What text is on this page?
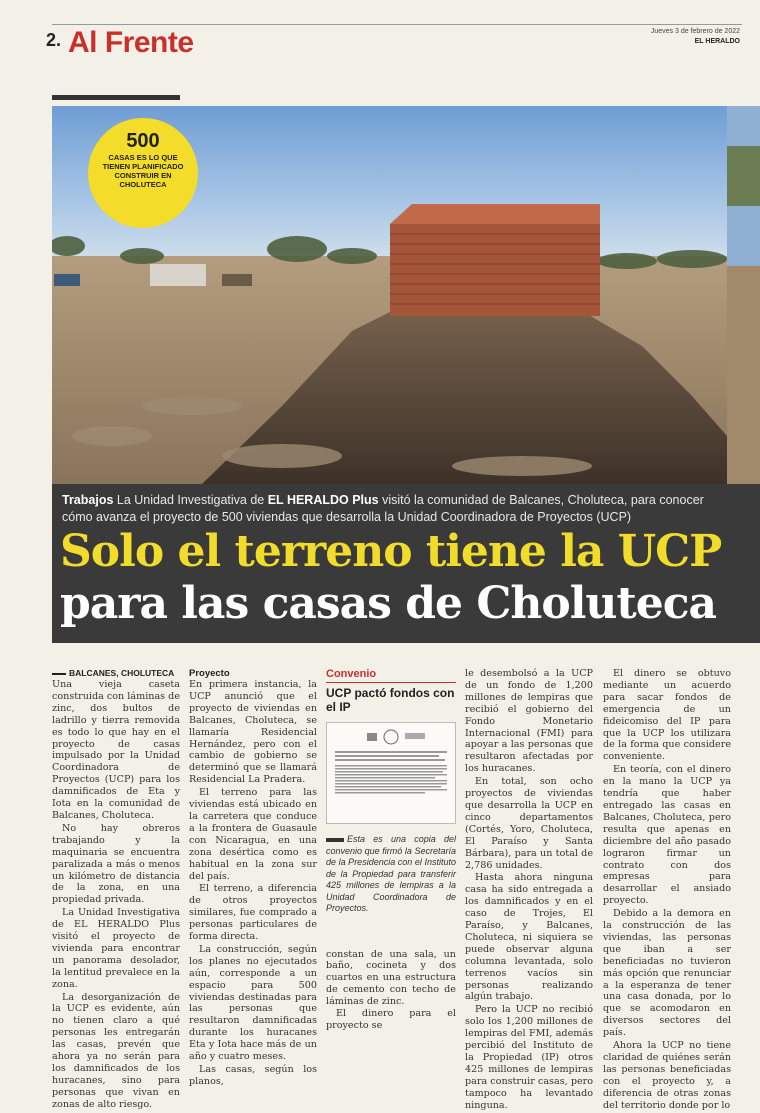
2. Al Frente	Jueves 3 de febrero de 2022
EL HERALDO
500
CASAS ES LO QUE TIENEN PLANIFICADO CONSTRUIR EN CHOLUTECA
Trabajos La Unidad Investigativa de EL HERALDO Plus visitó la comunidad de Balcanes, Choluteca, para conocer cómo avanza el proyecto de 500 viviendas que desarrolla la Unidad Coordinadora de Proyectos (UCP)
Solo el terreno tiene la UCP
para las casas de Choluteca
BALCANES, CHOLUTECA

Una vieja caseta construida con láminas de zinc, dos bultos de ladrillo y tierra removida es todo lo que hay en el proyecto de casas impulsado por la Unidad Coordinadora de Proyectos (UCP) para los damnificados de Eta y Iota en la comunidad de Balcanes, Choluteca.

No hay obreros trabajando y la maquinaria se encuentra paralizada a más o menos un kilómetro de distancia de la zona, en una propiedad privada.

La Unidad Investigativa de EL HERALDO Plus visitó el proyecto de vivienda para encontrar un panorama desolador, la lentitud prevalece en la zona.

La desorganización de la UCP es evidente, aún no tienen claro a qué personas les entregarán las casas, prevén que ahora ya no serán para los damnificados de los huracanes, sino para personas que vivan en zonas de alto riesgo.

Proyecto

En primera instancia, la UCP anunció que el proyecto de viviendas en Balcanes, Choluteca, se llamaría Residencial Hernández, pero con el cambio de gobierno se determinó que se llamará Residencial La Pradera.

El terreno para las viviendas está ubicado en la carretera que conduce a la frontera de Guasaule con Nicaragua, en una zona desértica como es habitual en la zona sur del país.

El terreno, a diferencia de otros proyectos similares, fue comprado a personas particulares de forma directa.

La construcción, según los planes no ejecutados aún, corresponde a un espacio para 500 viviendas destinadas para las personas que resultaron damnificadas durante los huracanes Eta y Iota hace más de un año y cuatro meses.

Las casas, según los planos,

Convenio
UCP pactó fondos con el IP
Esta es una copia del convenio que firmó la Secretaría de la Presidencia con el Instituto de la Propiedad para transferir 425 millones de lempiras a la Unidad Coordinadora de Proyectos.

constan de una sala, un baño, cocineta y dos cuartos en una estructura de cemento con techo de láminas de zinc.

El dinero para el proyecto se

le desembolsó a la UCP de un fondo de 1,200 millones de lempiras que recibió el gobierno del Fondo Monetario Internacional (FMI) para apoyar a las personas que resultaron afectadas por los huracanes.

En total, son ocho proyectos de viviendas que desarrolla la UCP en cinco departamentos (Cortés, Yoro, Choluteca, El Paraíso y Santa Bárbara), para un total de 2,786 unidades.

Hasta ahora ninguna casa ha sido entregada a los damnificados y en el caso de Trojes, El Paraíso, y Balcanes, Choluteca, ni siquiera se puede observar alguna columna levantada, solo terrenos vacíos sin personas realizando algún trabajo.

Pero la UCP no recibió solo los 1,200 millones de lempiras del FMI, además percibió del Instituto de la Propiedad (IP) otros 425 millones de lempiras para construir casas, pero tampoco ha levantado ninguna.

El dinero se obtuvo mediante un acuerdo para sacar fondos de emergencia de un fideicomiso del IP para que la UCP los utilizara de la forma que considere conveniente.

En teoría, con el dinero en la mano la UCP ya tendría que haber entregado las casas en Balcanes, Choluteca, pero resulta que apenas en diciembre del año pasado lograron firmar un contrato con dos empresas para desarrollar el ansiado proyecto.

Debido a la demora en la construcción de las viviendas, las personas que iban a ser beneficiadas no tuvieron más opción que renunciar a la esperanza de tener una casa donada, por lo que se acomodaron en diversos sectores del país.

Ahora la UCP no tiene claridad de quiénes serán las personas beneficiadas con el proyecto y, a diferencia de otras zonas del territorio donde por lo
